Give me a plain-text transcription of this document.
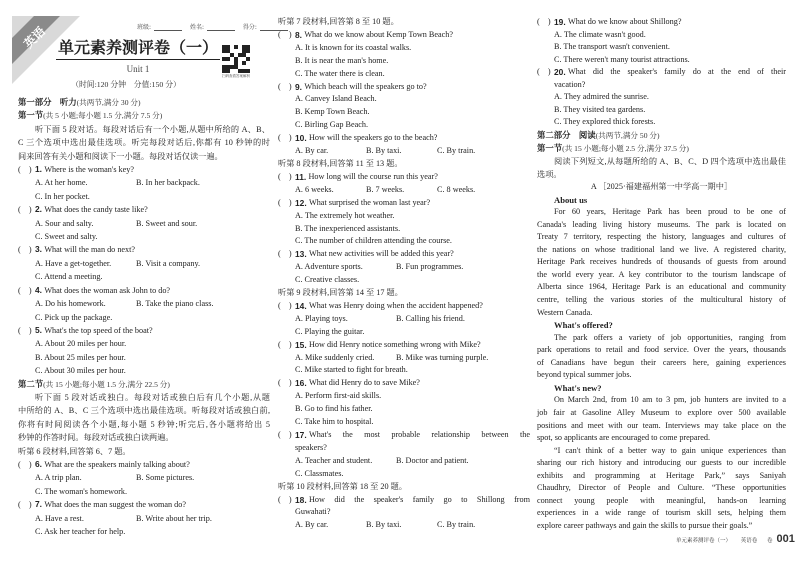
英语	班级:	姓名:	得分:
单元素养测评卷（一）
Unit 1
扫码查看答案解析
（时间:120 分钟　分值:150 分）
第一部分　听力(共两节,满分 30 分)
第一节(共 5 小题;每小题 1.5 分,满分 7.5 分)
听下面 5 段对话。每段对话后有一个小题,从题中所给的 A、B、
C 三个选项中选出最佳选项。听完每段对话后,你都有 10 秒钟的时
间来回答有关小题和阅读下一小题。每段对话仅读一遍。
(　) 1 . Where is the woman's key?
A. At her home.	B. In her backpack.
C. In her pocket.
(　) 2 . What does the candy taste like?
A. Sour and salty.	B. Sweet and sour.
C. Sweet and salty.
(　) 3 . What will the man do next?
A. Have a get-together.	B. Visit a company.
C. Attend a meeting.
(　) 4 . What does the woman ask John to do?
A. Do his homework.	B. Take the piano class.
C. Pick up the package.
(　) 5 . What's the top speed of the boat?
A. About 20 miles per hour.
B. About 25 miles per hour.
C. About 30 miles per hour.
第二节(共 15 小题;每小题 1.5 分,满分 22.5 分)
听下面 5 段对话或独白。每段对话或独白后有几个小题,从题
中所给的 A、B、C 三个选项中选出最佳选项。听每段对话或独白前,
你将有时间阅读各个小题,每小题 5 秒钟;听完后,各小题将给出 5
秒钟的作答时间。每段对话或独白读两遍。
听第 6 段材料,回答第 6、7 题。
(　) 6 . What are the speakers mainly talking about?
A. A trip plan.	B. Some pictures.
C. The woman's homework.
(　) 7 . What does the man suggest the woman do?
A. Have a rest.	B. Write about her trip.
C. Ask her teacher for help.
听第 7 段材料,回答第 8 至 10 题。
(　) 8 . What do we know about Kemp Town Beach?
A. It is known for its coastal walks.
B. It is near the man's home.
C. The water there is clean.
(　) 9 . Which beach will the speakers go to?
A. Canvey Island Beach.
B. Kemp Town Beach.
C. Birling Gap Beach.
(　) 10 . How will the speakers go to the beach?
A. By car.	B. By taxi.	C. By train.
听第 8 段材料,回答第 11 至 13 题。
(　) 11 . How long will the course run this year?
A. 6 weeks.	B. 7 weeks.	C. 8 weeks.
(　) 12 . What surprised the woman last year?
A. The extremely hot weather.
B. The inexperienced assistants.
C. The number of children attending the course.
(　) 13 . What new activities will be added this year?
A. Adventure sports.	B. Fun programmes.
C. Creative classes.
听第 9 段材料,回答第 14 至 17 题。
(　) 14 . What was Henry doing when the accident happened?
A. Playing toys.	B. Calling his friend.
C. Playing the guitar.
(　) 15 . How did Henry notice something wrong with Mike?
A. Mike suddenly cried.	B. Mike was turning purple.
C. Mike started to fight for breath.
(　) 16 . What did Henry do to save Mike?
A. Perform first-aid skills.
B. Go to find his father.
C. Take him to hospital.
(　) 17 . What's the most probable relationship between the
speakers?
A. Teacher and student.	B. Doctor and patient.
C. Classmates.
听第 10 段材料,回答第 18 至 20 题。
(　) 18 . How did the speaker's family go to Shillong from
Guwahati?
A. By car.	B. By taxi.	C. By train.
(　) 19 . What do we know about Shillong?
A. The climate wasn't good.
B. The transport wasn't convenient.
C. There weren't many tourist attractions.
(　) 20 . What did the speaker's family do at the end of their
vacation?
A. They admired the sunrise.
B. They visited tea gardens.
C. They explored thick forests.
第二部分　阅读(共两节,满分 50 分)
第一节(共 15 小题;每小题 2.5 分,满分 37.5 分)
阅读下列短文,从每题所给的 A、B、C、D 四个选项中选出最佳
选项。
A ［2025·福建福州第一中学高一期中］
About us
For 60 years, Heritage Park has been proud to be one of
Canada's leading living history museums. The park is located on
Treaty 7 territory, respecting the history, languages and cultures of
the nations on whose traditional land we live. A registered charity,
Heritage Park receives hundreds of thousands of guests from around
the world every year. A key contributor to the tourism landscape of
Alberta since 1964, Heritage Park is an educational and community
centre, telling the various stories of the multicultural history of
Western Canada.
What's offered?
The park offers a variety of job opportunities, ranging from
park operations to retail and food service. Over the years, thousands
of Canadians have begun their careers here, gaining experiences
beyond typical summer jobs.
What's new?
On March 2nd, from 10 am to 3 pm, job hunters are invited to a
job fair at Gasoline Alley Museum to explore over 500 available
positions and meet with our team. Interviews may take place on the
spot, so applicants are encouraged to come prepared.
“I can't think of a better way to gain unique experiences than
sharing our rich history and introducing our guests to our incredible
exhibits and programming at Heritage Park,” says Saniyah
Chaudhry, Director of People and Culture. “These opportunities
connect young people with meaningful, hands-on learning
experiences in a wide range of tourism skill sets, helping them
explore career pathways and gain the skills to pursue their goals.”
单元素养测评卷（一） 英语卷 卷 001
